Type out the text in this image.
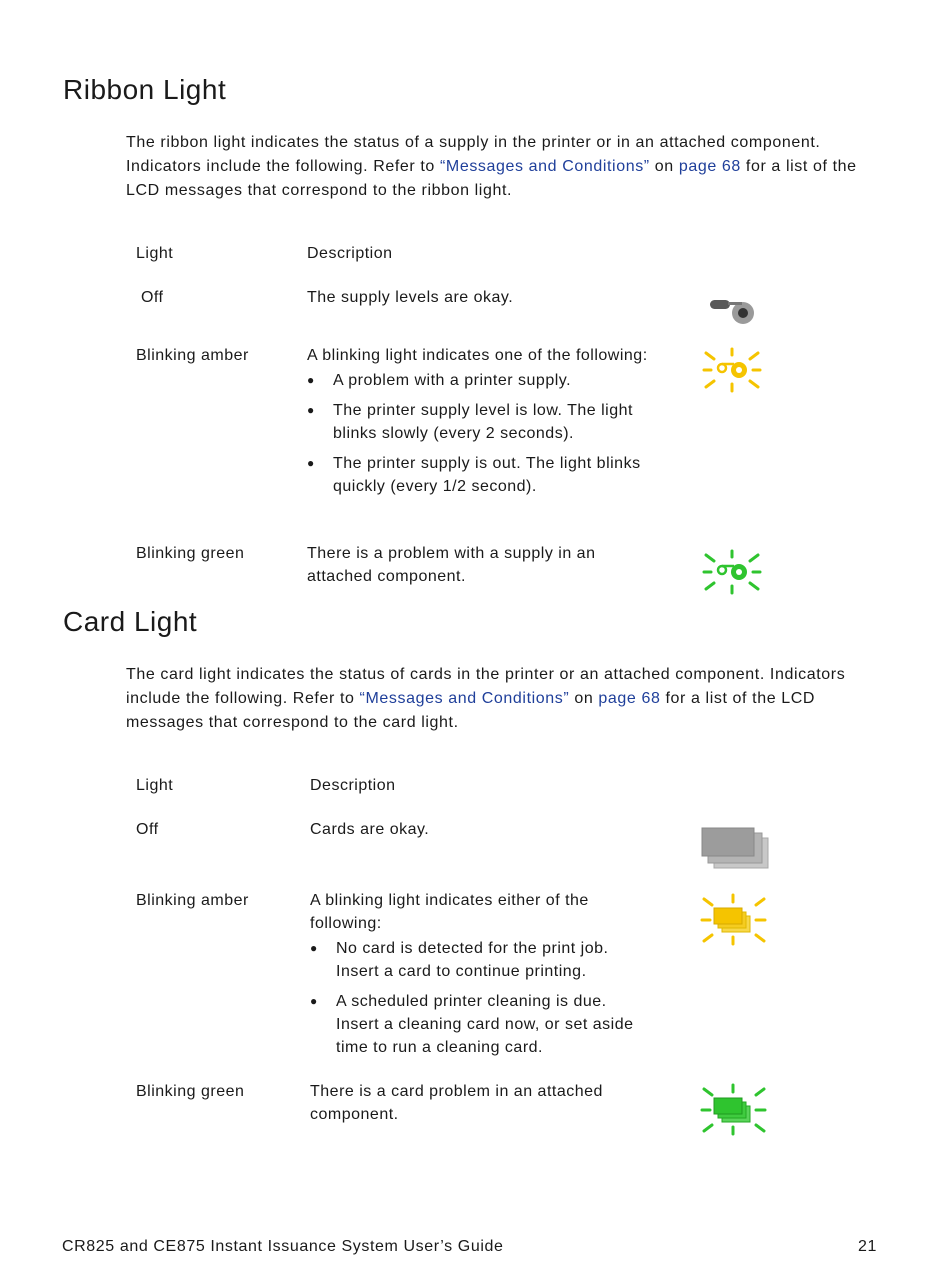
Ribbon Light

The ribbon light indicates the status of a supply in the printer or in an attached component. Indicators include the following. Refer to “Messages and Conditions” on page 68 for a list of the LCD messages that correspond to the ribbon light.

Light	Description
Off	The supply levels are okay.
Blinking amber	A blinking light indicates one of the following:
● A problem with a printer supply.
● The printer supply level is low. The light blinks slowly (every 2 seconds).
● The printer supply is out. The light blinks quickly (every 1/2 second).
Blinking green	There is a problem with a supply in an attached component.
Card Light

The card light indicates the status of cards in the printer or an attached component. Indicators include the following. Refer to “Messages and Conditions” on page 68 for a list of the LCD messages that correspond to the card light.

Light	Description
Off	Cards are okay.
Blinking amber	A blinking light indicates either of the following:
● No card is detected for the print job. Insert a card to continue printing.
● A scheduled printer cleaning is due. Insert a cleaning card now, or set aside time to run a cleaning card.
Blinking green	There is a card problem in an attached component.
CR825 and CE875 Instant Issuance System User’s Guide	21
